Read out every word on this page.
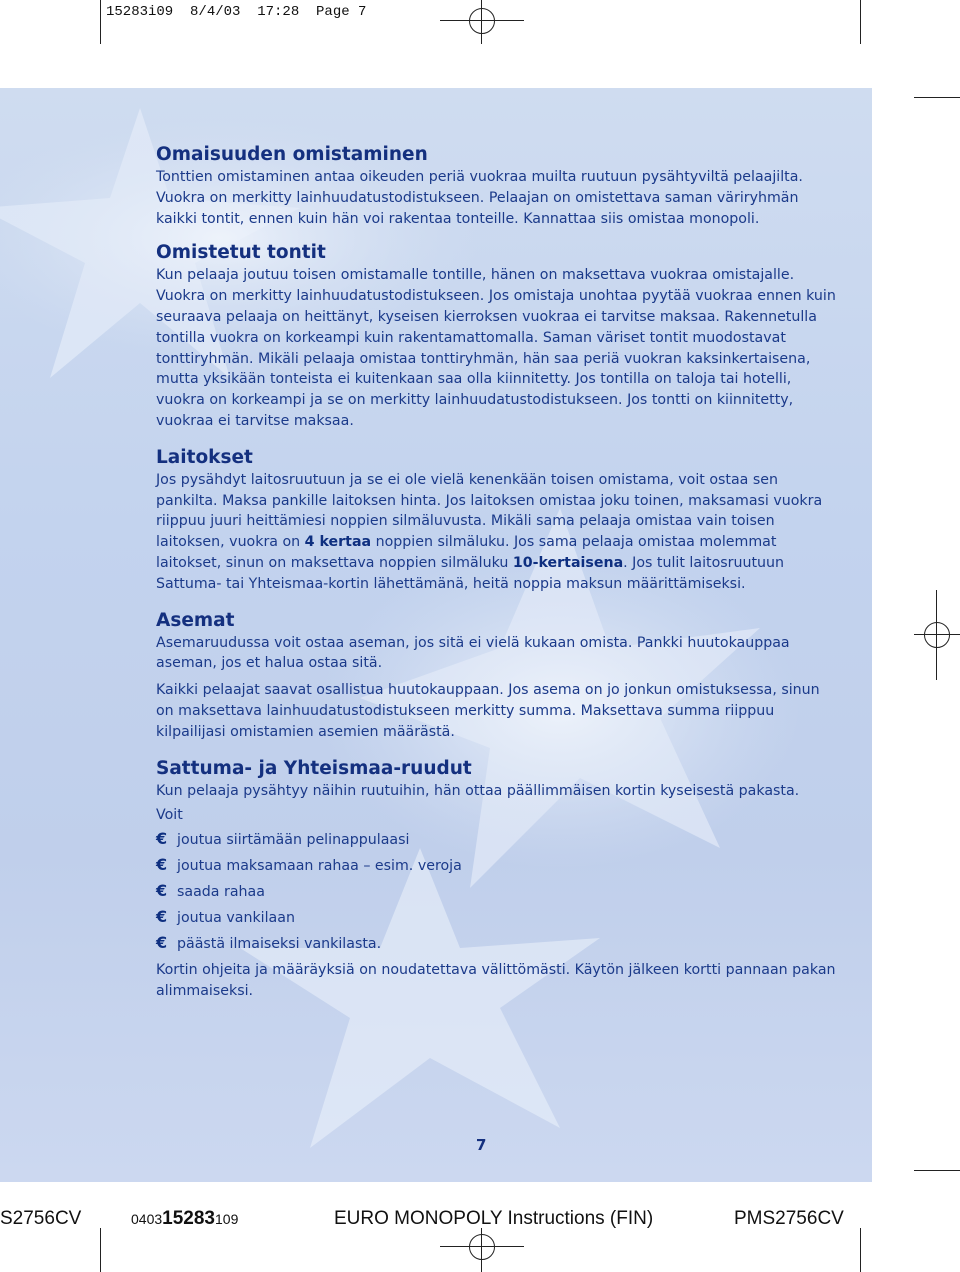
15283i09  8/4/03  17:28  Page 7
Omaisuuden omistaminen

Tonttien omistaminen antaa oikeuden periä vuokraa muilta ruutuun pysähtyviltä pelaajilta. Vuokra on merkitty lainhuudatustodistukseen. Pelaajan on omistettava saman väriryhmän kaikki tontit, ennen kuin hän voi rakentaa tonteille. Kannattaa siis omistaa monopoli.

Omistetut tontit

Kun pelaaja joutuu toisen omistamalle tontille, hänen on maksettava vuokraa omistajalle. Vuokra on merkitty lainhuudatustodistukseen. Jos omistaja unohtaa pyytää vuokraa ennen kuin seuraava pelaaja on heittänyt, kyseisen kierroksen vuokraa ei tarvitse maksaa. Rakennetulla tontilla vuokra on korkeampi kuin rakentamattomalla. Saman väriset tontit muodostavat tonttiryhmän. Mikäli pelaaja omistaa tonttiryhmän, hän saa periä vuokran kaksinkertaisena, mutta yksikään tonteista ei kuitenkaan saa olla kiinnitetty. Jos tontilla on taloja tai hotelli, vuokra on korkeampi ja se on merkitty lainhuudatustodistukseen. Jos tontti on kiinnitetty, vuokraa ei tarvitse maksaa.

Laitokset

Jos pysähdyt laitosruutuun ja se ei ole vielä kenenkään toisen omistama, voit ostaa sen pankilta. Maksa pankille laitoksen hinta. Jos laitoksen omistaa joku toinen, maksamasi vuokra riippuu juuri heittämiesi noppien silmäluvusta. Mikäli sama pelaaja omistaa vain toisen laitoksen, vuokra on 4 kertaa noppien silmäluku. Jos sama pelaaja omistaa molemmat laitokset, sinun on maksettava noppien silmäluku 10-kertaisena. Jos tulit laitosruutuun Sattuma- tai Yhteismaa-kortin lähettämänä, heitä noppia maksun määrittämiseksi.

Asemat

Asemaruudussa voit ostaa aseman, jos sitä ei vielä kukaan omista. Pankki huutokauppaa aseman, jos et halua ostaa sitä.

Kaikki pelaajat saavat osallistua huutokauppaan. Jos asema on jo jonkun omistuksessa, sinun on maksettava lainhuudatustodistukseen merkitty summa. Maksettava summa riippuu kilpailijasi omistamien asemien määrästä.

Sattuma- ja Yhteismaa-ruudut

Kun pelaaja pysähtyy näihin ruutuihin, hän ottaa päällimmäisen kortin kyseisestä pakasta.

Voit

€ joutua siirtämään pelinappulaasi
€ joutua maksamaan rahaa – esim. veroja
€ saada rahaa
€ joutua vankilaan
€ päästä ilmaiseksi vankilasta.

Kortin ohjeita ja määräyksiä on noudatettava välittömästi. Käytön jälkeen kortti pannaan pakan alimmaiseksi.

7
S2756CV	040315283109	EURO MONOPOLY Instructions (FIN)	PMS2756CV
